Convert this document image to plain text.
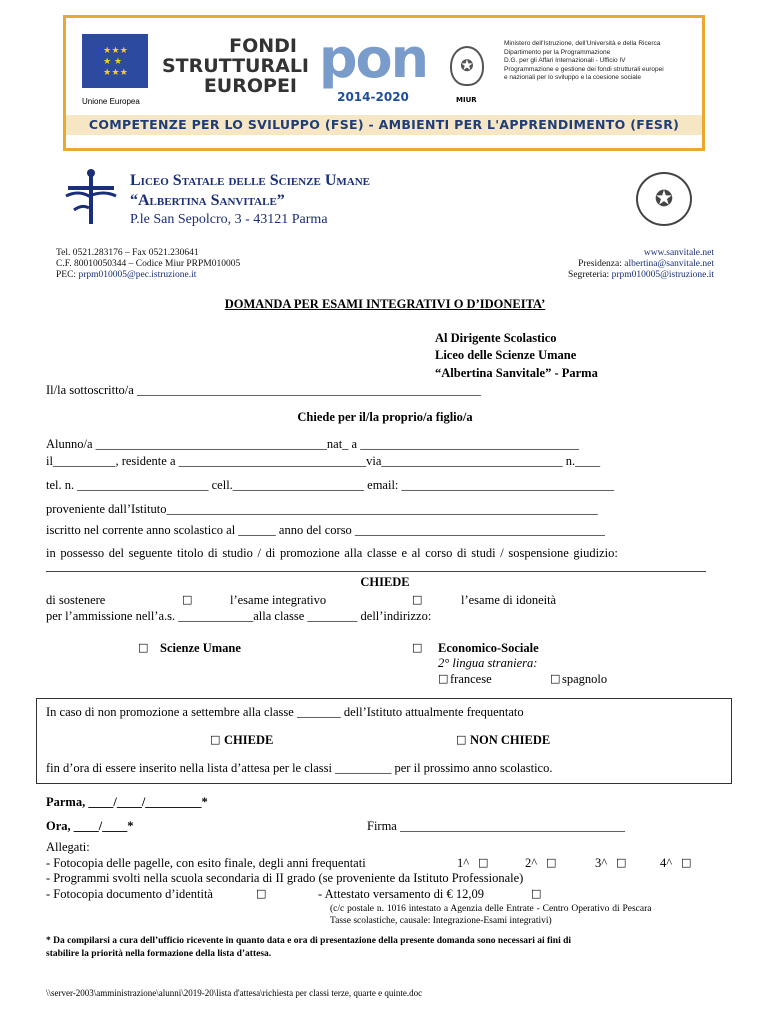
★ ★ ★
★   ★
★ ★ ★
Unione Europea
FONDI
STRUTTURALI
EUROPEI pon
2014-2020
✪
MIUR
Ministero dell'Istruzione, dell'Università e della Ricerca
Dipartimento per la Programmazione
D.G. per gli Affari Internazionali - Ufficio IV
Programmazione e gestione dei fondi strutturali europei
e nazionali per lo sviluppo e la coesione sociale
COMPETENZE PER LO SVILUPPO (FSE) - AMBIENTI PER L'APPRENDIMENTO (FESR)
Liceo Statale delle Scienze Umane
“Albertina Sanvitale”
P.le San Sepolcro, 3 - 43121 Parma
✪
Tel. 0521.283176 – Fax 0521.230641
C.F. 80010050344 – Codice Miur PRPM010005
PEC: prpm010005@pec.istruzione.it
www.sanvitale.net
Presidenza: albertina@sanvitale.net
Segreteria: prpm010005@istruzione.it
DOMANDA PER ESAMI INTEGRATIVI O D’IDONEITA’
Al Dirigente Scolastico
Liceo delle Scienze Umane
“Albertina Sanvitale” - Parma
Il/la sottoscritto/a _______________________________________________________
Chiede per il/la proprio/a figlio/a
Alunno/a _____________________________________nat_ a ___________________________________
il__________, residente a ______________________________via_____________________________ n.____
tel. n. _____________________ cell._____________________ email: __________________________________
proveniente dall’Istituto_____________________________________________________________________
iscritto nel corrente anno scolastico al ______ anno del corso ________________________________________
in possesso del seguente titolo di studio / di promozione alla classe e al corso di studi / sospensione giudizio:
CHIEDE
di sostenere	□	l’esame integrativo	□	l’esame di idoneità
per l’ammissione nell’a.s. ____________alla classe ________ dell’indirizzo:
□ Scienze Umane	□ Economico-Sociale
2° lingua straniera:
□ francese	□ spagnolo
In caso di non promozione a settembre alla classe _______ dell’Istituto attualmente frequentato
□ CHIEDE	□ NON CHIEDE
fin d’ora di essere inserito nella lista d’attesa per le classi _________ per il prossimo anno scolastico.
Parma, ____/____/_________*
Ora, ____/____*	Firma ____________________________________
Allegati:
- Fotocopia delle pagelle, con esito finale, degli anni frequentati	1^ □	2^ □	3^ □	4^ □
- Programmi svolti nella scuola secondaria di II grado (se proveniente da Istituto Professionale)
- Fotocopia documento d’identità	□	- Attestato versamento di € 12,09	□
(c/c postale n. 1016 intestato a Agenzia delle Entrate - Centro Operativo di Pescara
Tasse scolastiche, causale: Integrazione-Esami integrativi)
* Da compilarsi a cura dell’ufficio ricevente in quanto data e ora di presentazione della presente domanda sono necessari ai fini di
stabilire la priorità nella formazione della lista d’attesa.
\\server-2003\amministrazione\alunni\2019-20\lista d'attesa\richiesta per classi terze, quarte e quinte.doc
